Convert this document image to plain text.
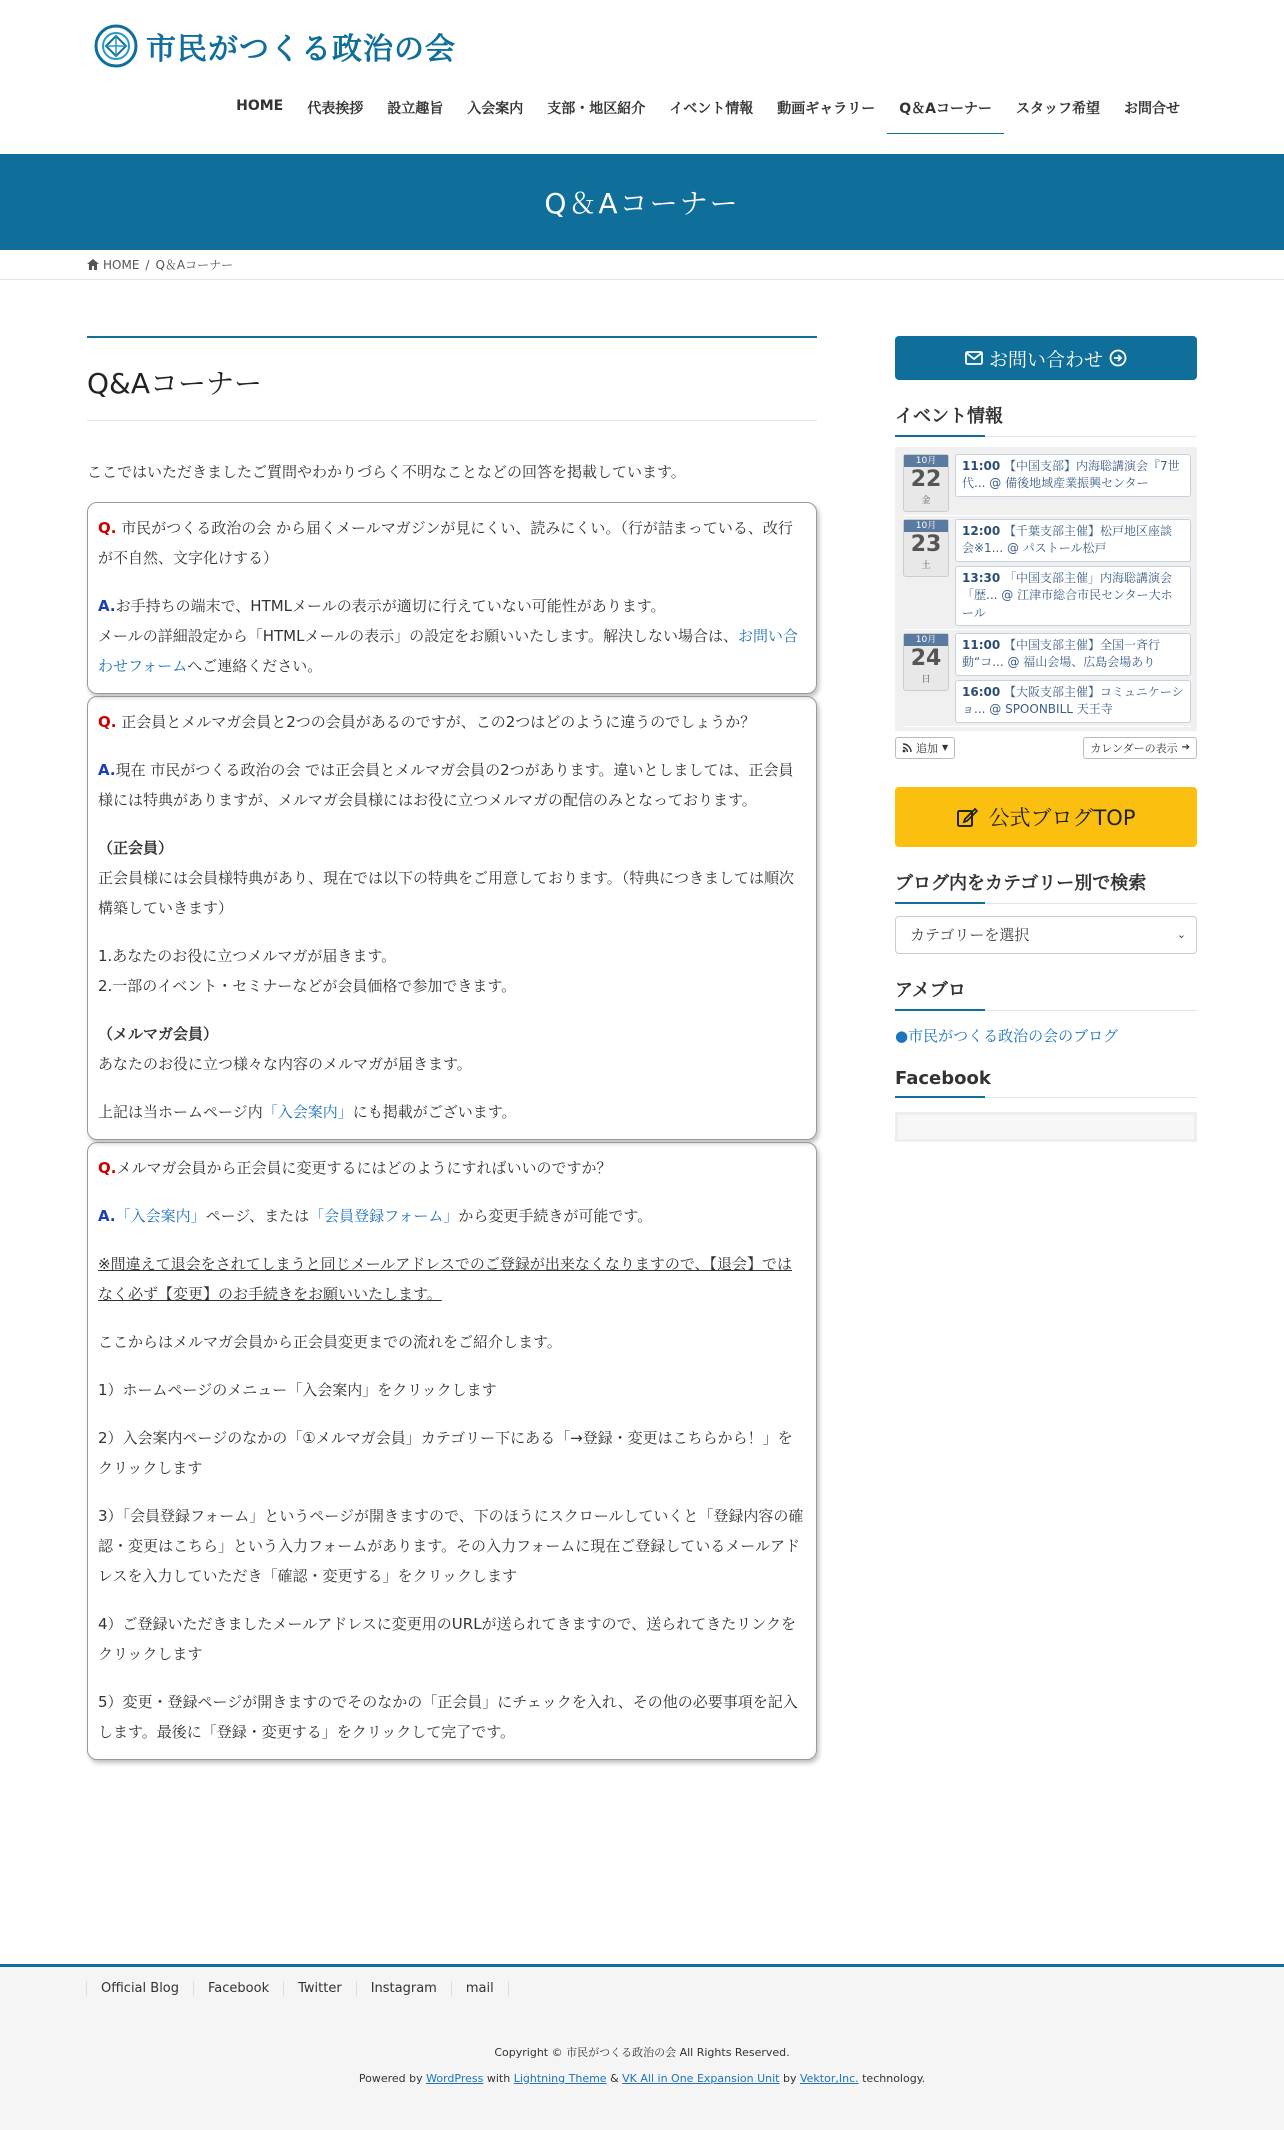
市民がつくる政治の会
HOME	代表挨拶	設立趣旨	入会案内	支部・地区紹介	イベント情報	動画ギャラリー	Q＆Aコーナー	スタッフ希望	お問合せ
Q＆Aコーナー
HOME / Q＆Aコーナー
Q&Aコーナー

ここではいただきましたご質問やわかりづらく不明なことなどの回答を掲載しています。

Q. 市民がつくる政治の会 から届くメールマガジンが見にくい、読みにくい。（行が詰まっている、改行が不自然、文字化けする）

A.お手持ちの端末で、HTMLメールの表示が適切に行えていない可能性があります。
メールの詳細設定から「HTMLメールの表示」の設定をお願いいたします。解決しない場合は、お問い合わせフォームへご連絡ください。

Q. 正会員とメルマガ会員と2つの会員があるのですが、この2つはどのように違うのでしょうか？

A.現在 市民がつくる政治の会 では正会員とメルマガ会員の2つがあります。違いとしましては、正会員様には特典がありますが、メルマガ会員様にはお役に立つメルマガの配信のみとなっております。

（正会員）
正会員様には会員様特典があり、現在では以下の特典をご用意しております。（特典につきましては順次構築していきます）

1.あなたのお役に立つメルマガが届きます。
2.一部のイベント・セミナーなどが会員価格で参加できます。

（メルマガ会員）
あなたのお役に立つ様々な内容のメルマガが届きます。

上記は当ホームページ内「入会案内」にも掲載がございます。

Q.メルマガ会員から正会員に変更するにはどのようにすればいいのですか？

A.「入会案内」ページ、または「会員登録フォーム」から変更手続きが可能です。

※間違えて退会をされてしまうと同じメールアドレスでのご登録が出来なくなりますので、【退会】ではなく必ず【変更】のお手続きをお願いいたします。

ここからはメルマガ会員から正会員変更までの流れをご紹介します。

1）ホームページのメニュー「入会案内」をクリックします

2）入会案内ページのなかの「①メルマガ会員」カテゴリー下にある「→登録・変更はこちらから！」をクリックします

3）「会員登録フォーム」というページが開きますので、下のほうにスクロールしていくと「登録内容の確認・変更はこちら」という入力フォームがあります。その入力フォームに現在ご登録しているメールアドレスを入力していただき「確認・変更する」をクリックします

4）ご登録いただきましたメールアドレスに変更用のURLが送られてきますので、送られてきたリンクをクリックします

5）変更・登録ページが開きますのでそのなかの「正会員」にチェックを入れ、その他の必要事項を記入します。最後に「登録・変更する」をクリックして完了です。

お問い合わせ
イベント情報
10月
22
金
11:00 【中国支部】内海聡講演会『7世代... @ 備後地域産業振興センター
10月
23
土
12:00 【千葉支部主催】松戸地区座談会※1... @ パストール松戸
13:30 「中国支部主催」内海聡講演会「歴... @ 江津市総合市民センター大ホール
10月
24
日
11:00 【中国支部主催】全国一斉行動“コ... @ 福山会場、広島会場あり
16:00 【大阪支部主催】コミュニケーショ... @ SPOONBILL 天王寺
追加 ▼	カレンダーの表示 ➔
公式ブログTOP
ブログ内をカテゴリー別で検索
カテゴリーを選択	⌄
アメブロ
●市民がつくる政治の会のブログ
Facebook
Official Blog	Facebook	Twitter	Instagram	mail

Copyright © 市民がつくる政治の会 All Rights Reserved.

Powered by WordPress with Lightning Theme & VK All in One Expansion Unit by Vektor,Inc. technology.
